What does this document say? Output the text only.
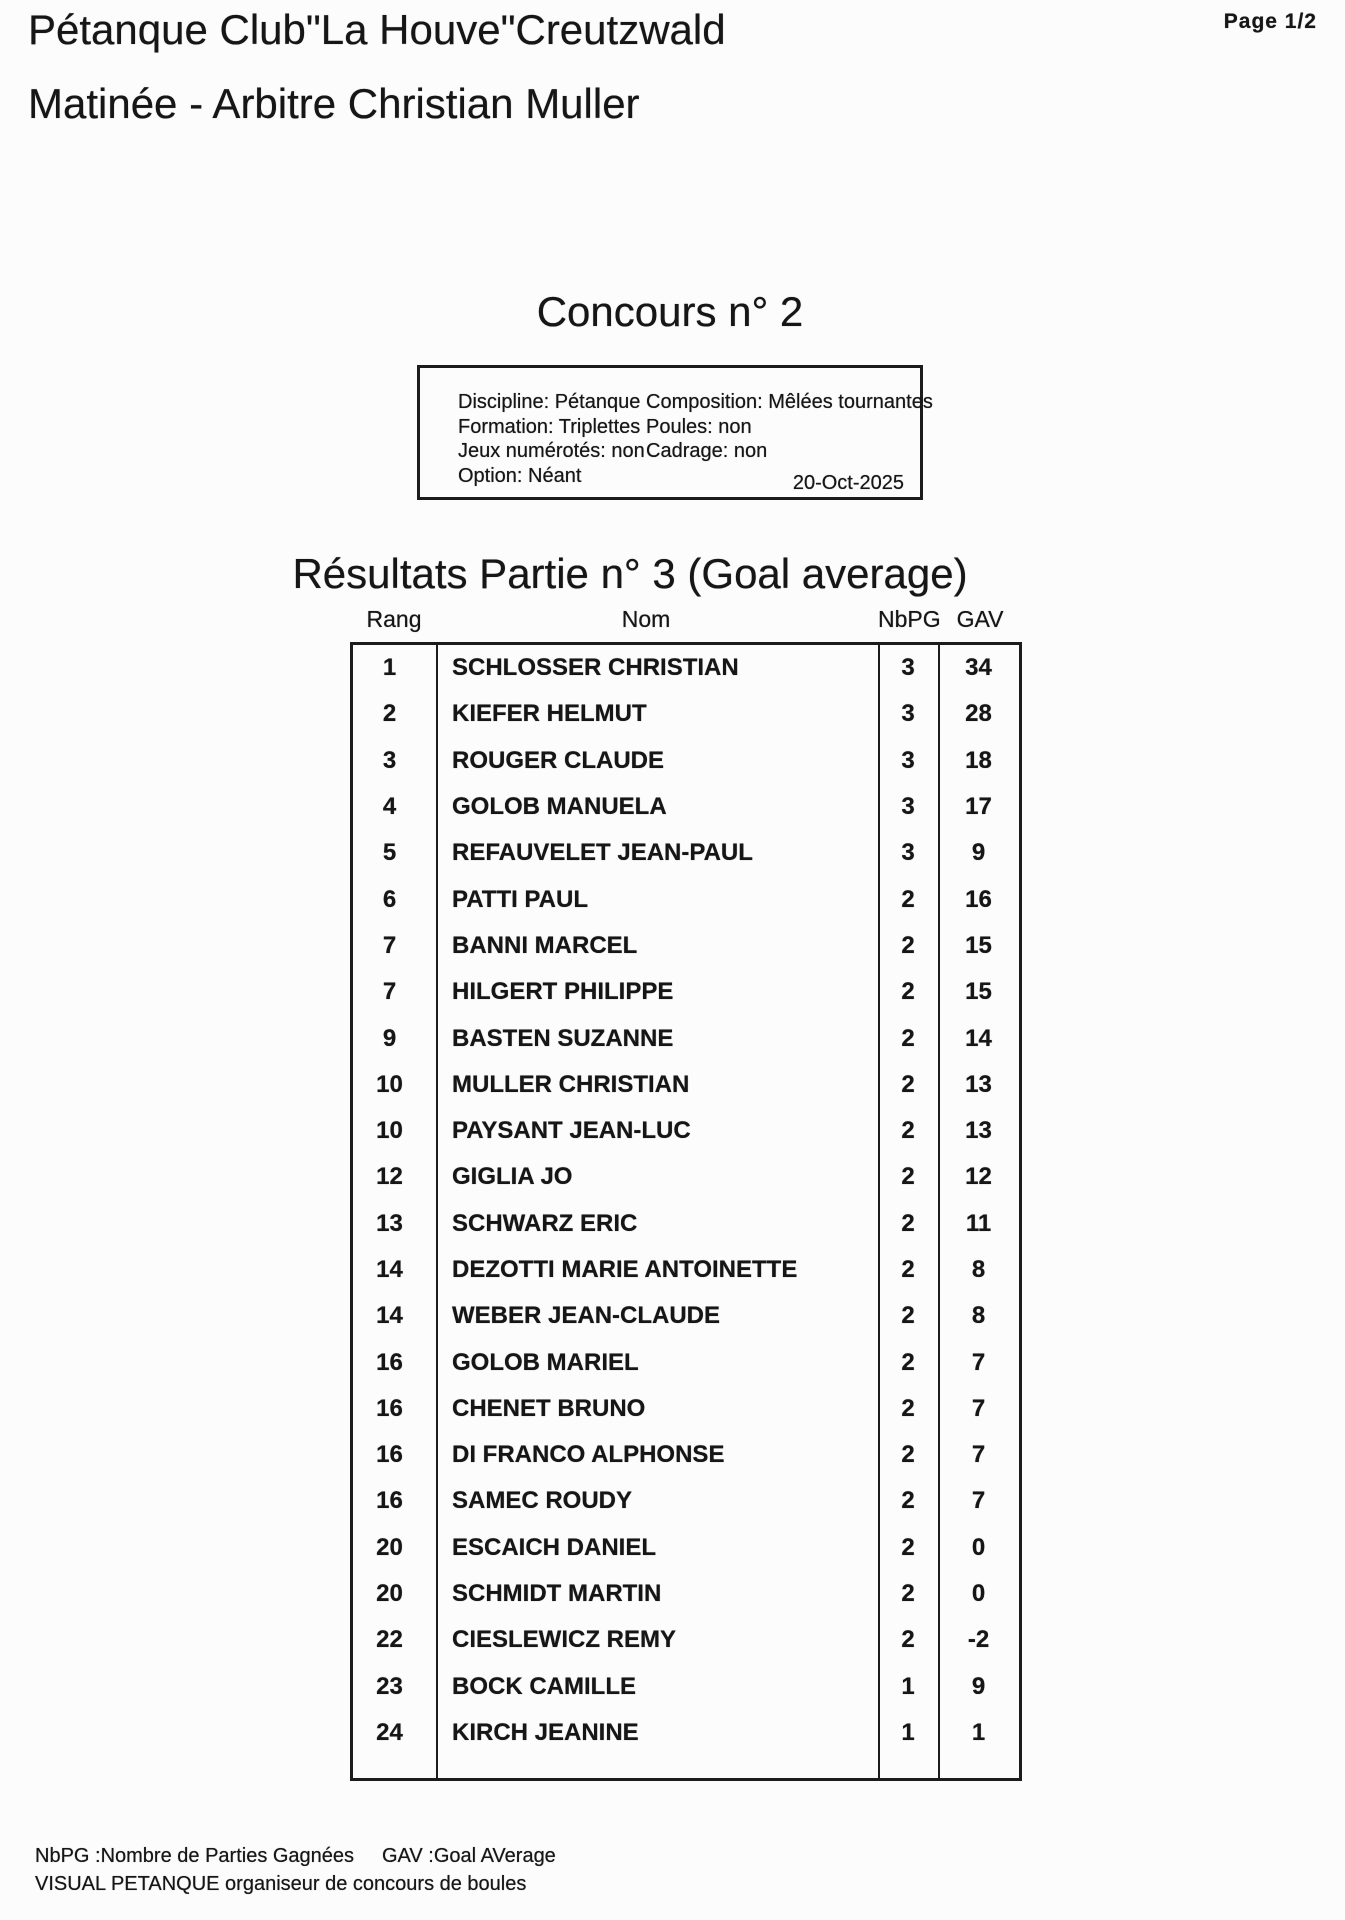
Pétanque Club"La Houve"Creutzwald	Page 1/2
Matinée - Arbitre Christian Muller
Concours n° 2
Discipline: Pétanque
Formation: Triplettes
Jeux numérotés: non
Option: Néant
Composition: Mêlées tournantes
Poules: non
Cadrage: non
20-Oct-2025
Résultats Partie n° 3 (Goal average)
Rang	Nom	NbPG GAV
1	SCHLOSSER CHRISTIAN	3	34
2	KIEFER HELMUT	3	28
3	ROUGER CLAUDE	3	18
4	GOLOB MANUELA	3	17
5	REFAUVELET JEAN-PAUL	3	9
6	PATTI PAUL	2	16
7	BANNI MARCEL	2	15
7	HILGERT PHILIPPE	2	15
9	BASTEN SUZANNE	2	14
10	MULLER CHRISTIAN	2	13
10	PAYSANT JEAN-LUC	2	13
12	GIGLIA JO	2	12
13	SCHWARZ ERIC	2	11
14	DEZOTTI MARIE ANTOINETTE	2	8
14	WEBER JEAN-CLAUDE	2	8
16	GOLOB MARIEL	2	7
16	CHENET BRUNO	2	7
16	DI FRANCO ALPHONSE	2	7
16	SAMEC ROUDY	2	7
20	ESCAICH DANIEL	2	0
20	SCHMIDT MARTIN	2	0
22	CIESLEWICZ REMY	2	-2
23	BOCK CAMILLE	1	9
24	KIRCH JEANINE	1	1
NbPG :Nombre de Parties Gagnées GAV :Goal AVerage
VISUAL PETANQUE organiseur de concours de boules
